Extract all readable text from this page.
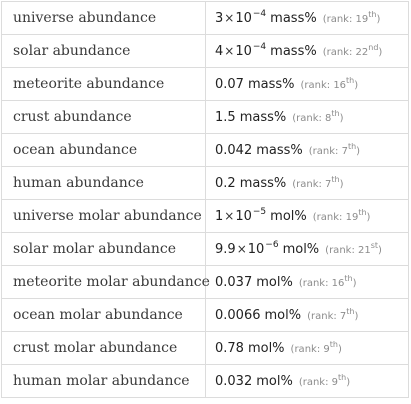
universe abundance	$3\times 10^{-4}$ mass% (rank: 19th)
solar abundance	$4\times 10^{-4}$ mass% (rank: 22nd)
meteorite abundance	0.07 mass% (rank: 16th)
crust abundance	1.5 mass% (rank: 8th)
ocean abundance	0.042 mass% (rank: 7th)
human abundance	0.2 mass% (rank: 7th)
universe molar abundance	$1\times 10^{-5}$ mol% (rank: 19th)
solar molar abundance	$9.9\times 10^{-6}$ mol% (rank: 21st)
meteorite molar abundance	0.037 mol% (rank: 16th)
ocean molar abundance	0.0066 mol% (rank: 7th)
crust molar abundance	0.78 mol% (rank: 9th)
human molar abundance	0.032 mol% (rank: 9th)
